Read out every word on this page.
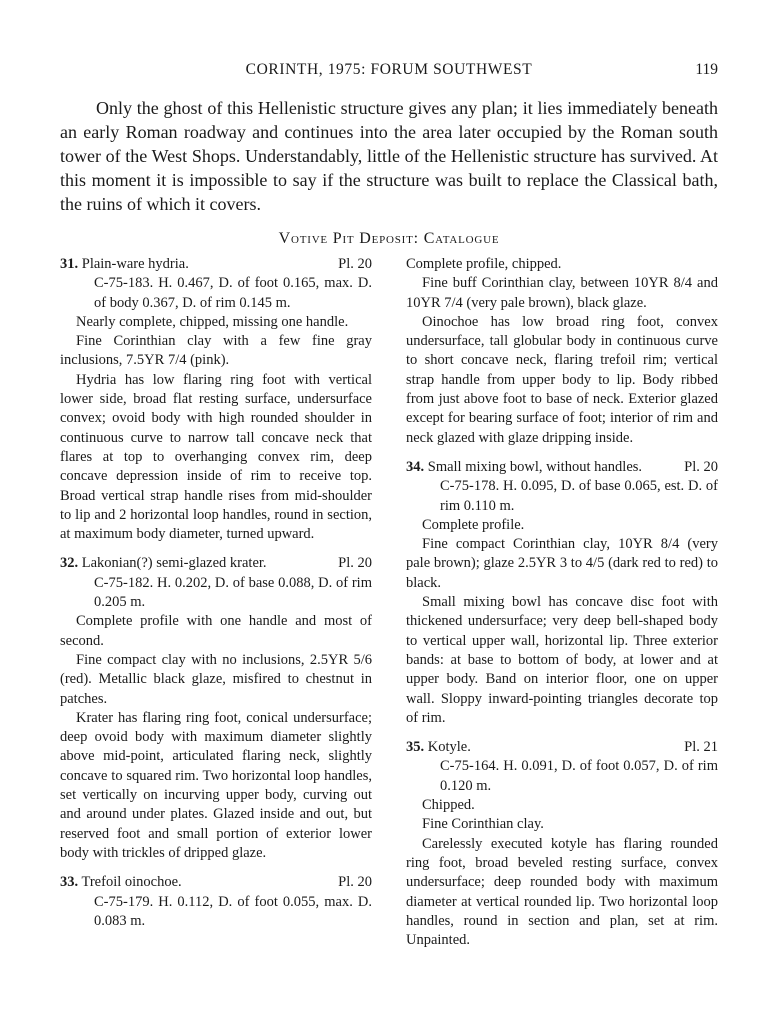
CORINTH, 1975: FORUM SOUTHWEST	119

Only the ghost of this Hellenistic structure gives any plan; it lies immediately beneath an early Roman roadway and continues into the area later occupied by the Roman south tower of the West Shops. Understandably, little of the Hellenistic structure has survived. At this moment it is impossible to say if the structure was built to replace the Classical bath, the ruins of which it covers.

Votive Pit Deposit: Catalogue
31. Plain-ware hydria.	Pl. 20
C-75-183. H. 0.467, D. of foot 0.165, max. D. of body 0.367, D. of rim 0.145 m.
Nearly complete, chipped, missing one handle.
Fine Corinthian clay with a few fine gray inclusions, 7.5YR 7/4 (pink).
Hydria has low flaring ring foot with vertical lower side, broad flat resting surface, undersurface convex; ovoid body with high rounded shoulder in continuous curve to narrow tall concave neck that flares at top to overhanging convex rim, deep concave depression inside of rim to receive top. Broad vertical strap handle rises from mid-shoulder to lip and 2 horizontal loop handles, round in section, at maximum body diameter, turned upward.
32. Lakonian(?) semi-glazed krater.	Pl. 20
C-75-182. H. 0.202, D. of base 0.088, D. of rim 0.205 m.
Complete profile with one handle and most of second.
Fine compact clay with no inclusions, 2.5YR 5/6 (red). Metallic black glaze, misfired to chestnut in patches.
Krater has flaring ring foot, conical undersurface; deep ovoid body with maximum diameter slightly above mid-point, articulated flaring neck, slightly concave to squared rim. Two horizontal loop handles, set vertically on incurving upper body, curving out and around under plates. Glazed inside and out, but reserved foot and small portion of exterior lower body with trickles of dripped glaze.
33. Trefoil oinochoe.	Pl. 20
C-75-179. H. 0.112, D. of foot 0.055, max. D. 0.083 m.
Complete profile, chipped.
Fine buff Corinthian clay, between 10YR 8/4 and 10YR 7/4 (very pale brown), black glaze.
Oinochoe has low broad ring foot, convex undersurface, tall globular body in continuous curve to short concave neck, flaring trefoil rim; vertical strap handle from upper body to lip. Body ribbed from just above foot to base of neck. Exterior glazed except for bearing surface of foot; interior of rim and neck glazed with glaze dripping inside.
34. Small mixing bowl, without handles.	Pl. 20
C-75-178. H. 0.095, D. of base 0.065, est. D. of rim 0.110 m.
Complete profile.
Fine compact Corinthian clay, 10YR 8/4 (very pale brown); glaze 2.5YR 3 to 4/5 (dark red to red) to black.
Small mixing bowl has concave disc foot with thickened undersurface; very deep bell-shaped body to vertical upper wall, horizontal lip. Three exterior bands: at base to bottom of body, at lower and at upper body. Band on interior floor, one on upper wall. Sloppy inward-pointing triangles decorate top of rim.
35. Kotyle.	Pl. 21
C-75-164. H. 0.091, D. of foot 0.057, D. of rim 0.120 m.
Chipped.
Fine Corinthian clay.
Carelessly executed kotyle has flaring rounded ring foot, broad beveled resting surface, convex undersurface; deep rounded body with maximum diameter at vertical rounded lip. Two horizontal loop handles, round in section and plan, set at rim. Unpainted.
